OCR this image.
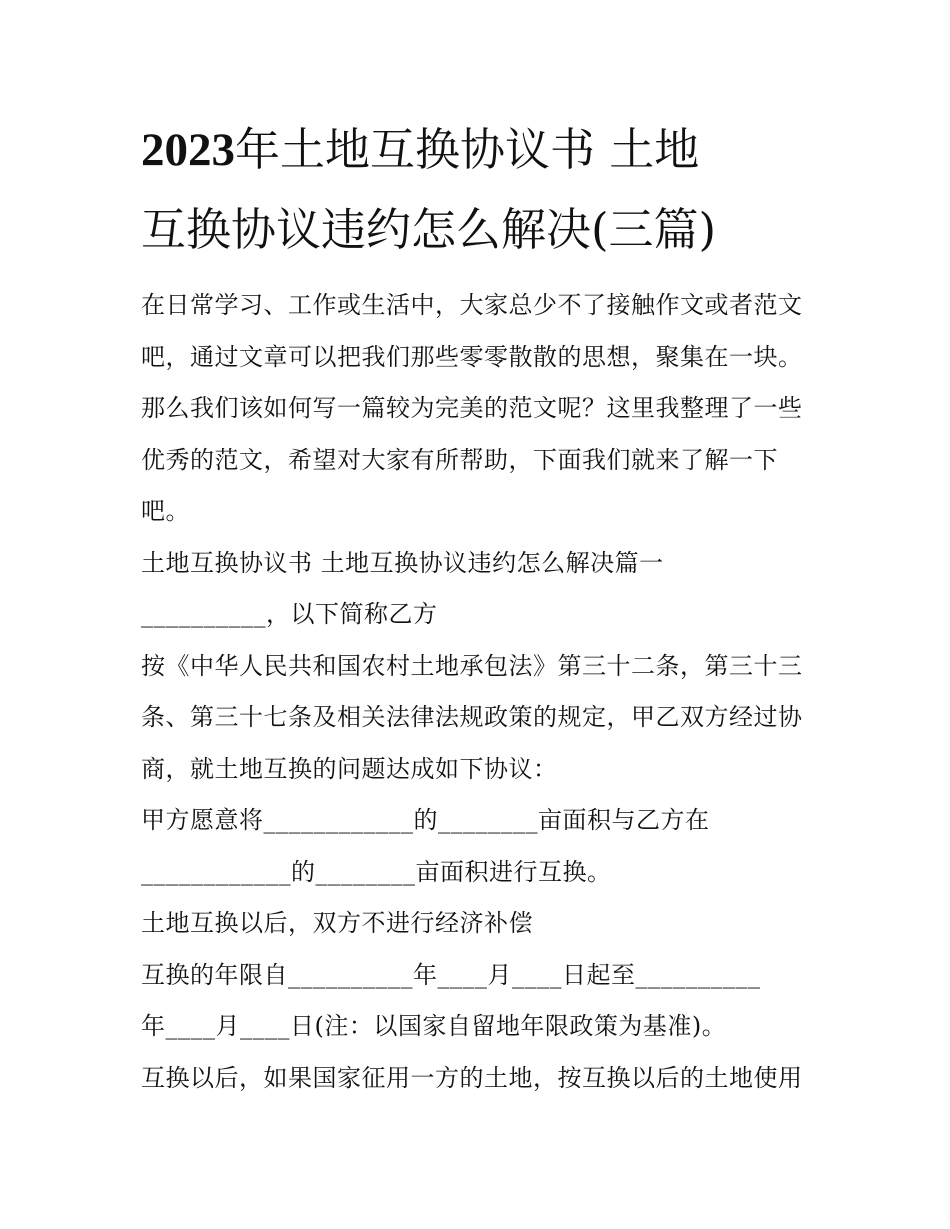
2023年土地互换协议书 土地
互换协议违约怎么解决(三篇)

在日常学习、工作或生活中，大家总少不了接触作文或者范文
吧，通过文章可以把我们那些零零散散的思想，聚集在一块。
那么我们该如何写一篇较为完美的范文呢？这里我整理了一些
优秀的范文，希望对大家有所帮助，下面我们就来了解一下
吧。

土地互换协议书 土地互换协议违约怎么解决篇一

__________，以下简称乙方

按《中华人民共和国农村土地承包法》第三十二条，第三十三
条、第三十七条及相关法律法规政策的规定，甲乙双方经过协
商，就土地互换的问题达成如下协议：

甲方愿意将____________的________亩面积与乙方在
____________的________亩面积进行互换。

土地互换以后，双方不进行经济补偿

互换的年限自__________年____月____日起至__________
年____月____日(注：以国家自留地年限政策为基准)。

互换以后，如果国家征用一方的土地，按互换以后的土地使用
